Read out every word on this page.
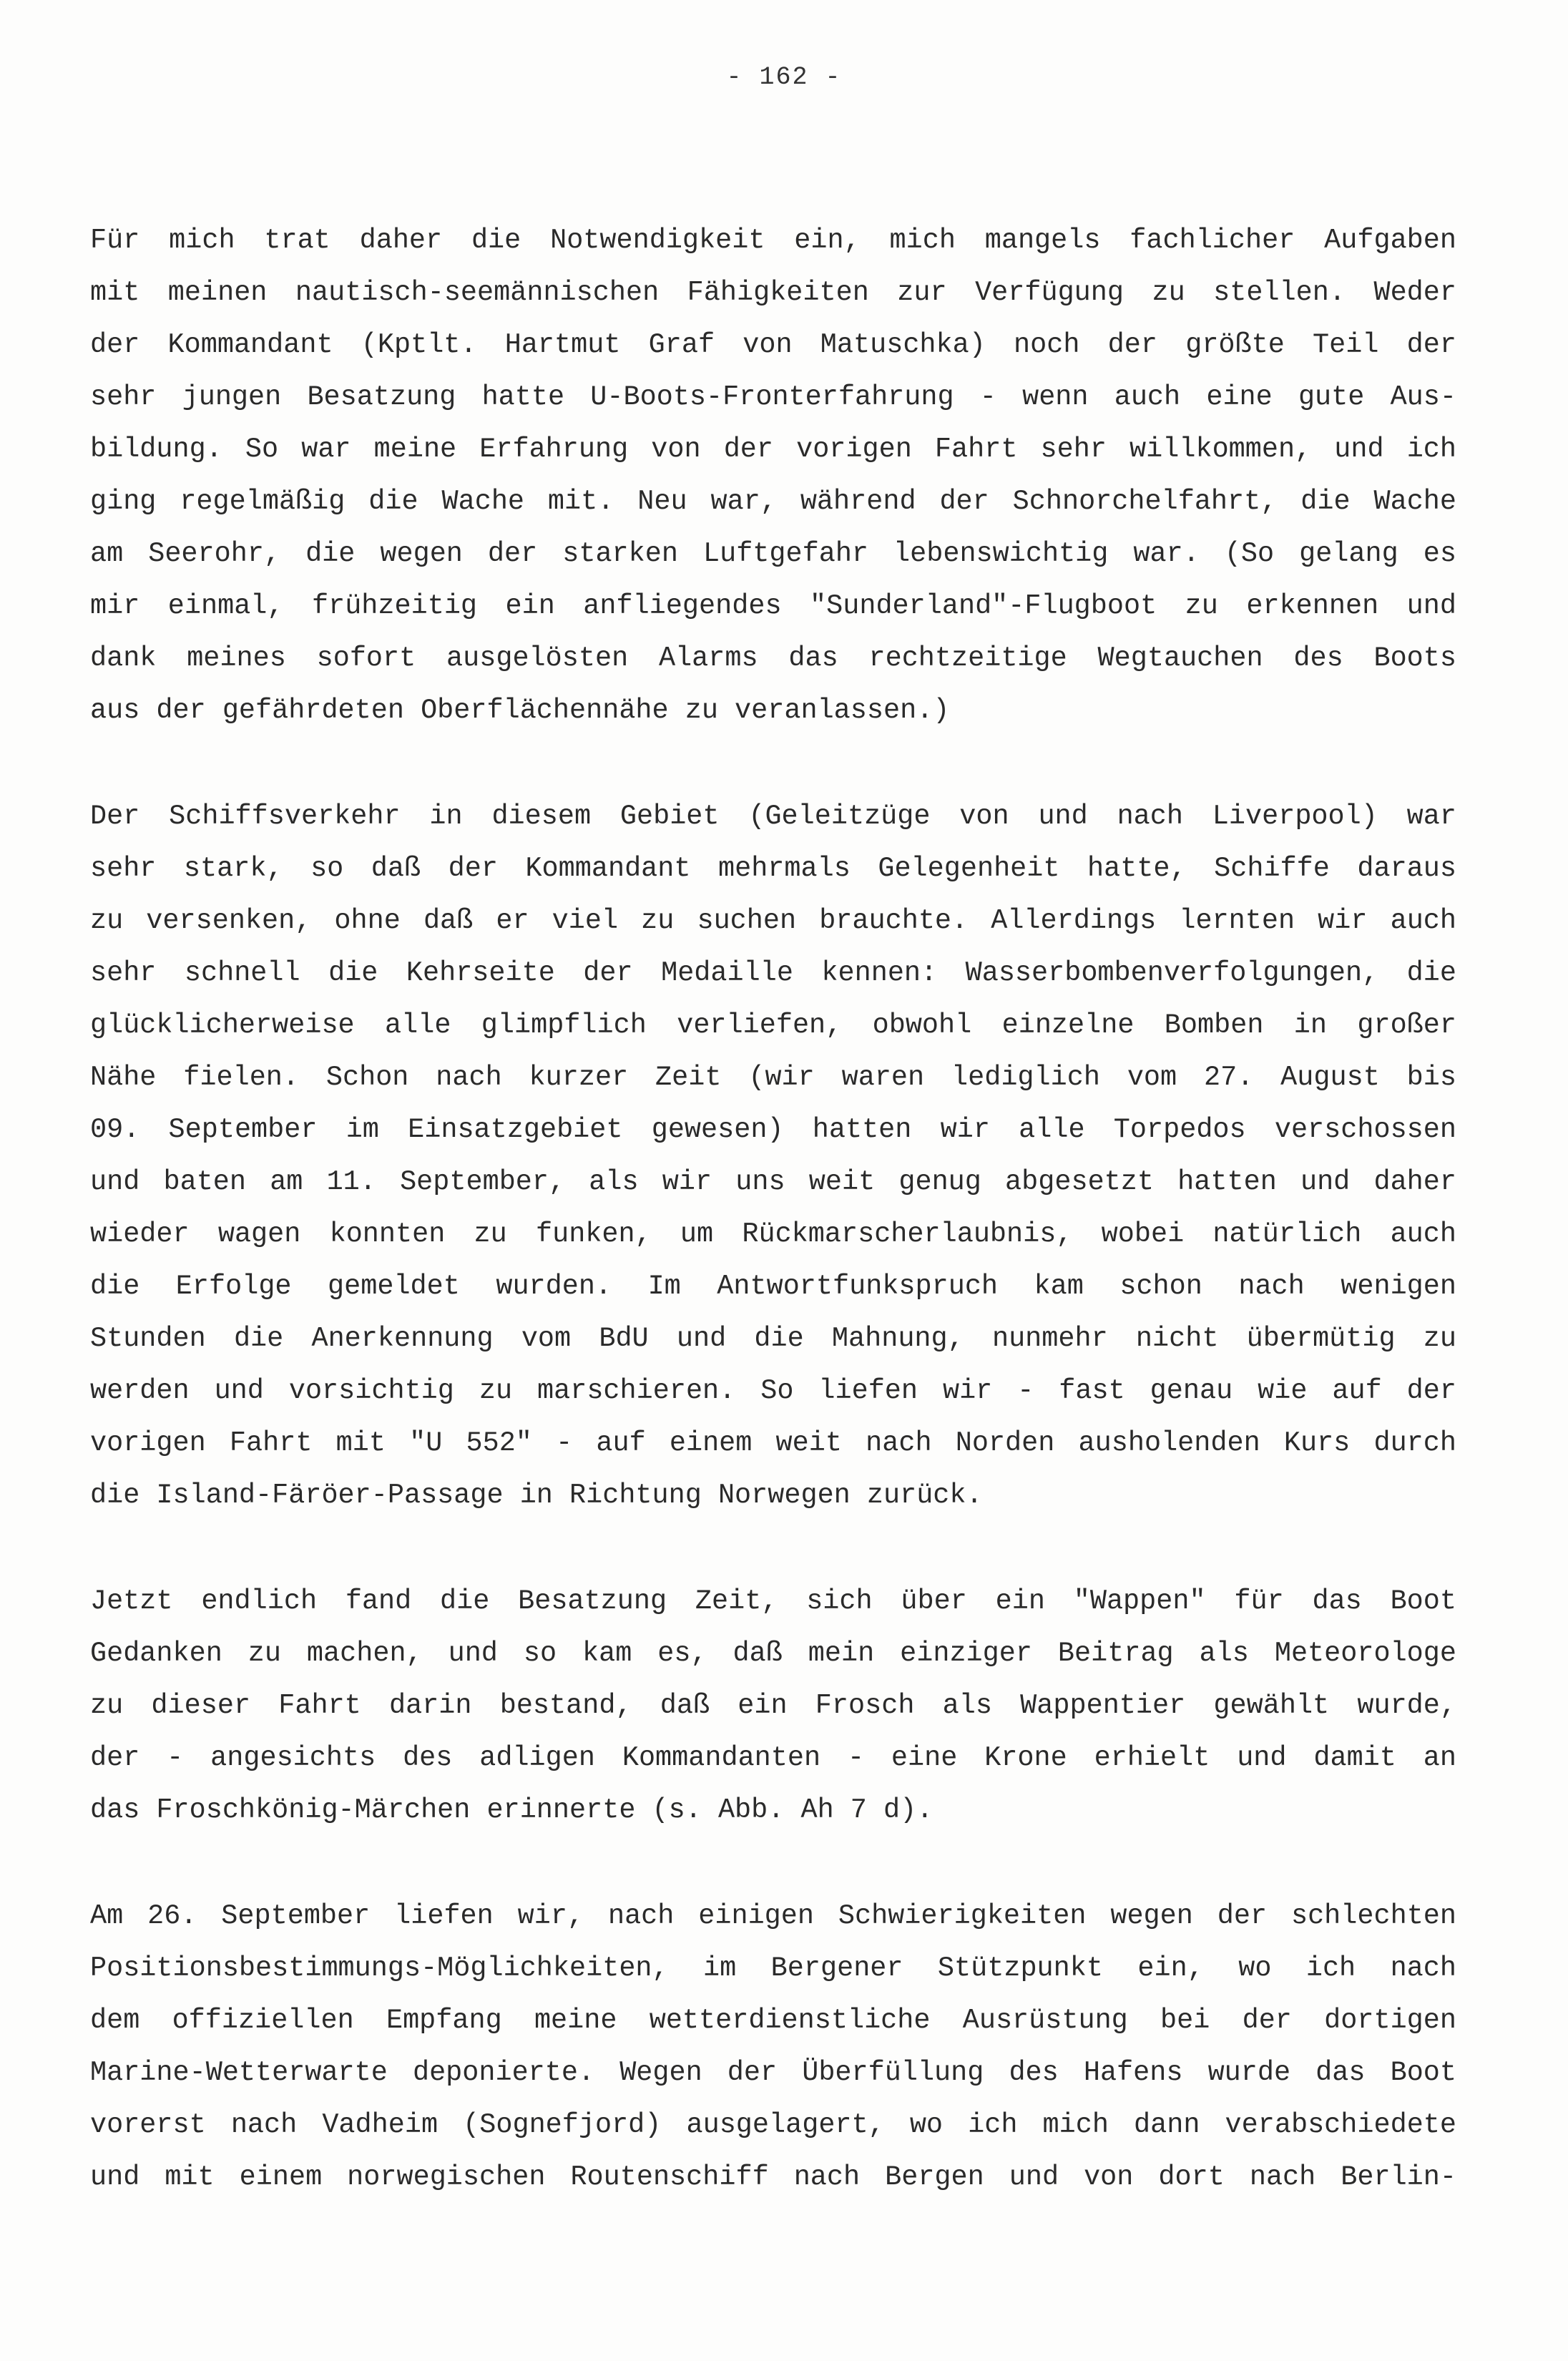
- 162 -
Für mich trat daher die Notwendigkeit ein, mich mangels fachlicher Aufgaben
mit meinen nautisch-seemännischen Fähigkeiten zur Verfügung zu stellen. Weder
der Kommandant (Kptlt. Hartmut Graf von Matuschka) noch der größte Teil der
sehr jungen Besatzung hatte U-Boots-Fronterfahrung - wenn auch eine gute Aus-
bildung. So war meine Erfahrung von der vorigen Fahrt sehr willkommen, und ich
ging regelmäßig die Wache mit. Neu war, während der Schnorchelfahrt, die Wache
am Seerohr, die wegen der starken Luftgefahr lebenswichtig war. (So gelang es
mir einmal, frühzeitig ein anfliegendes "Sunderland"-Flugboot zu erkennen und
dank meines sofort ausgelösten Alarms das rechtzeitige Wegtauchen des Boots
aus der gefährdeten Oberflächennähe zu veranlassen.)
Der Schiffsverkehr in diesem Gebiet (Geleitzüge von und nach Liverpool) war
sehr stark, so daß der Kommandant mehrmals Gelegenheit hatte, Schiffe daraus
zu versenken, ohne daß er viel zu suchen brauchte. Allerdings lernten wir auch
sehr schnell die Kehrseite der Medaille kennen: Wasserbombenverfolgungen, die
glücklicherweise alle glimpflich verliefen, obwohl einzelne Bomben in großer
Nähe fielen. Schon nach kurzer Zeit (wir waren lediglich vom 27. August bis
09. September im Einsatzgebiet gewesen) hatten wir alle Torpedos verschossen
und baten am 11. September, als wir uns weit genug abgesetzt hatten und daher
wieder wagen konnten zu funken, um Rückmarscherlaubnis, wobei natürlich auch
die Erfolge gemeldet wurden. Im Antwortfunkspruch kam schon nach wenigen
Stunden die Anerkennung vom BdU und die Mahnung, nunmehr nicht übermütig zu
werden und vorsichtig zu marschieren. So liefen wir - fast genau wie auf der
vorigen Fahrt mit "U 552" - auf einem weit nach Norden ausholenden Kurs durch
die Island-Färöer-Passage in Richtung Norwegen zurück.
Jetzt endlich fand die Besatzung Zeit, sich über ein "Wappen" für das Boot
Gedanken zu machen, und so kam es, daß mein einziger Beitrag als Meteorologe
zu dieser Fahrt darin bestand, daß ein Frosch als Wappentier gewählt wurde,
der - angesichts des adligen Kommandanten - eine Krone erhielt und damit an
das Froschkönig-Märchen erinnerte (s. Abb. Ah 7 d).
Am 26. September liefen wir, nach einigen Schwierigkeiten wegen der schlechten
Positionsbestimmungs-Möglichkeiten, im Bergener Stützpunkt ein, wo ich nach
dem offiziellen Empfang meine wetterdienstliche Ausrüstung bei der dortigen
Marine-Wetterwarte deponierte. Wegen der Überfüllung des Hafens wurde das Boot
vorerst nach Vadheim (Sognefjord) ausgelagert, wo ich mich dann verabschiedete
und mit einem norwegischen Routenschiff nach Bergen und von dort nach Berlin-
